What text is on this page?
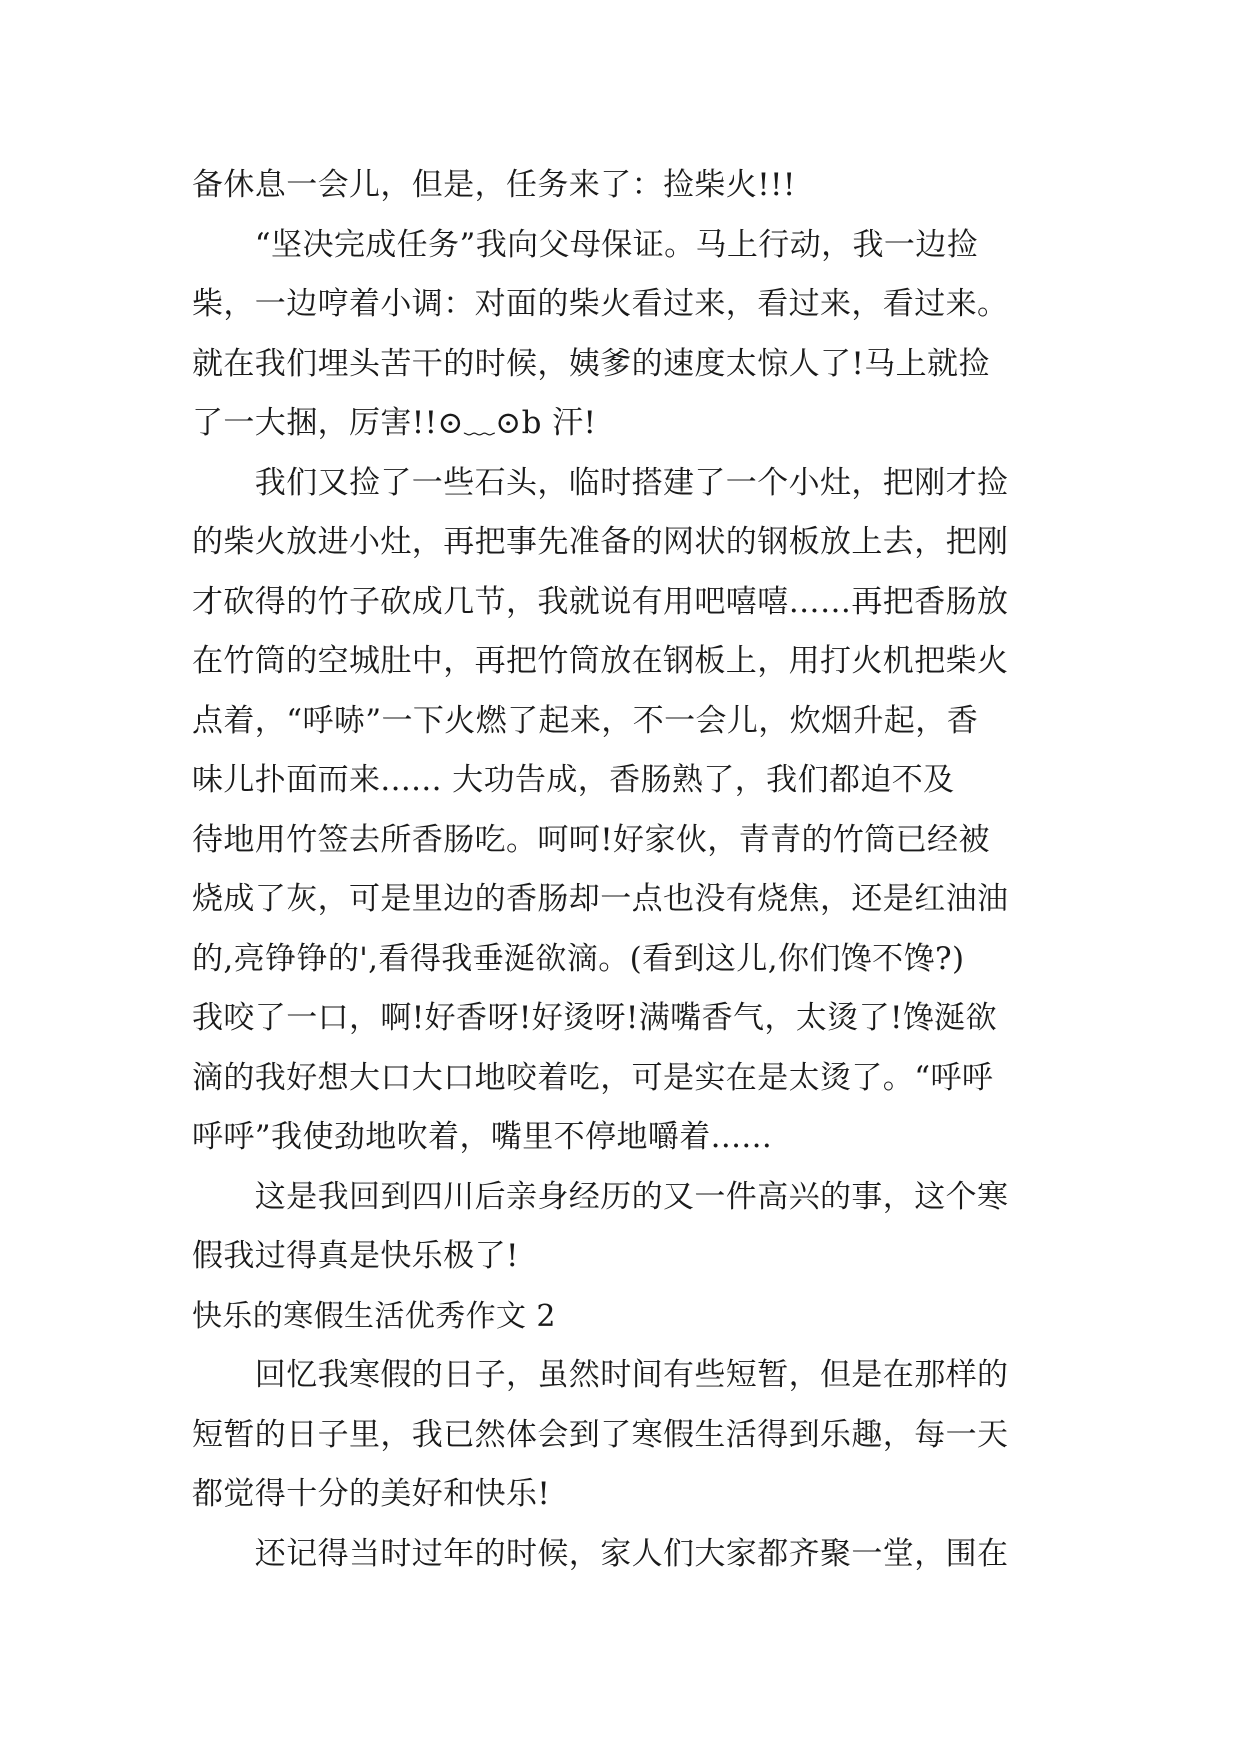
备休息一会儿，但是，任务来了：捡柴火!!!
　　“坚决完成任务”我向父母保证。马上行动，我一边捡
柴，一边哼着小调：对面的柴火看过来，看过来，看过来。
就在我们埋头苦干的时候，姨爹的速度太惊人了!马上就捡
了一大捆，厉害!!⊙﹏⊙b 汗!
　　我们又捡了一些石头，临时搭建了一个小灶，把刚才捡
的柴火放进小灶，再把事先准备的网状的钢板放上去，把刚
才砍得的竹子砍成几节，我就说有用吧嘻嘻……再把香肠放
在竹筒的空城肚中，再把竹筒放在钢板上，用打火机把柴火
点着，“呼哧”一下火燃了起来，不一会儿，炊烟升起，香
味儿扑面而来...... 大功告成，香肠熟了，我们都迫不及
待地用竹签去所香肠吃。呵呵!好家伙，青青的竹筒已经被
烧成了灰，可是里边的香肠却一点也没有烧焦，还是红油油
的,亮铮铮的',看得我垂涎欲滴。(看到这儿,你们馋不馋?)
我咬了一口，啊!好香呀!好烫呀!满嘴香气，太烫了!馋涎欲
滴的我好想大口大口地咬着吃，可是实在是太烫了。“呼呼
呼呼”我使劲地吹着，嘴里不停地嚼着......
　　这是我回到四川后亲身经历的又一件高兴的事，这个寒
假我过得真是快乐极了!
快乐的寒假生活优秀作文 2
　　回忆我寒假的日子，虽然时间有些短暂，但是在那样的
短暂的日子里，我已然体会到了寒假生活得到乐趣，每一天
都觉得十分的美好和快乐!
　　还记得当时过年的时候，家人们大家都齐聚一堂，围在
